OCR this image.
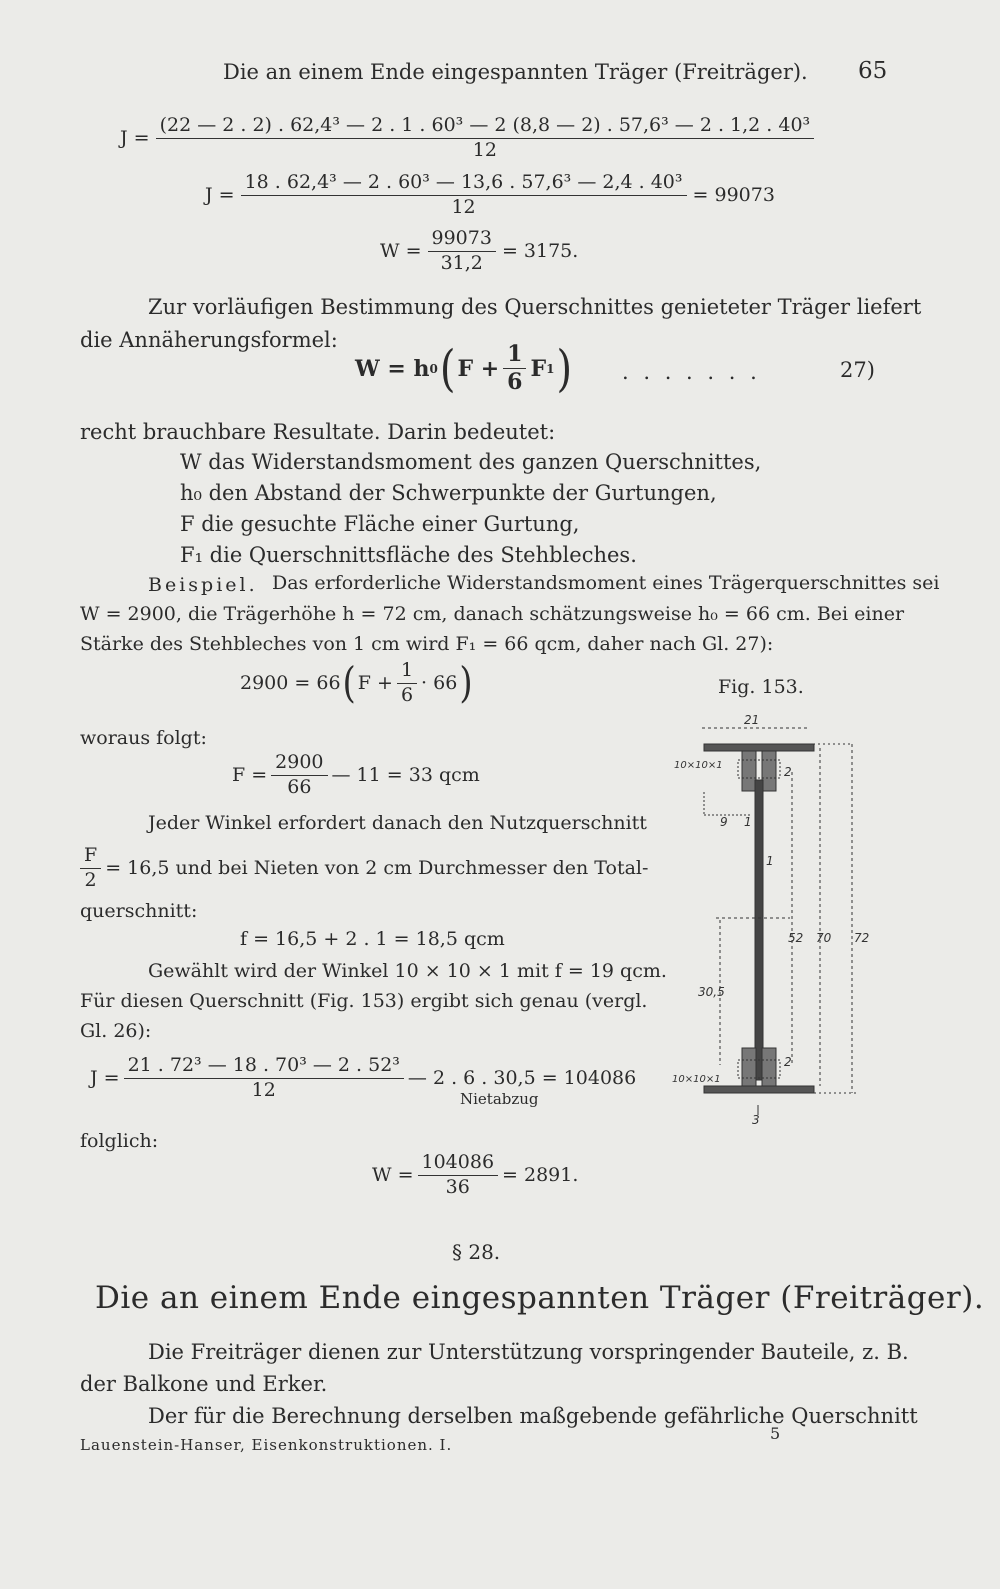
Die an einem Ende eingespannten Träger (Freiträger). 65
J =
(22 — 2 . 2) . 62,4³ — 2 . 1 . 60³ — 2 (8,8 — 2) . 57,6³ — 2 . 1,2 . 40³
12
$J = \frac{\text{18 . 62,4³ — 2 . 60³ — 13,6 . 57,6³ — 2,4 . 40³}}{12} = 99073$
$W = \frac{99073}{31,2} = 3175$.
Zur vorläufigen Bestimmung des Querschnittes genieteter Träger liefert
die Annäherungsformel:
W = h 0 ( $F + \frac{1}{6}$ F 1 ) . . . . . . .	27)
recht brauchbare Resultate. Darin bedeutet:
W das Widerstandsmoment des ganzen Querschnittes,
h₀ den Abstand der Schwerpunkte der Gurtungen,
F die gesuchte Fläche einer Gurtung,
F₁ die Querschnittsfläche des Stehbleches.
Beispiel. Das erforderliche Widerstandsmoment eines Trägerquerschnittes sei
W = 2900, die Trägerhöhe h = 72 cm, danach schätzungsweise h₀ = 66 cm. Bei einer
Stärke des Stehbleches von 1 cm wird F₁ = 66 qcm, daher nach Gl. 27):
2900 = 66 ( $F + \frac{1}{6} \cdot 66$ )	Fig. 153.
woraus folgt:
$F = \frac{2900}{66}$ — 11 = 33 qcm
Jeder Winkel erfordert danach den Nutzquerschnitt
$\frac{F}{2} = 16,5$ und bei Nieten von 2 cm Durchmesser den Total-
querschnitt:
f = 16,5 + 2 . 1 = 18,5 qcm
Gewählt wird der Winkel 10 × 10 × 1 mit f = 19 qcm.
Für diesen Querschnitt (Fig. 153) ergibt sich genau (vergl.
Gl. 26):
$J = \frac{\text{21 . 72³ — 18 . 70³ — 2 . 52³}}{12}$ — 2 . 6 . 30,5 = 104086
Nietabzug
folglich:
$W = \frac{104086}{36} = 2891$.
21
10×10×1	2
9 1
1
52 70 72
30,5
2
10×10×1
3
§ 28.
Die an einem Ende eingespannten Träger (Freiträger).
Die Freiträger dienen zur Unterstützung vorspringender Bauteile, z. B.
der Balkone und Erker.
Der für die Berechnung derselben maßgebende gefährliche Querschnitt
Lauenstein-Hanser, Eisenkonstruktionen. I.
5
